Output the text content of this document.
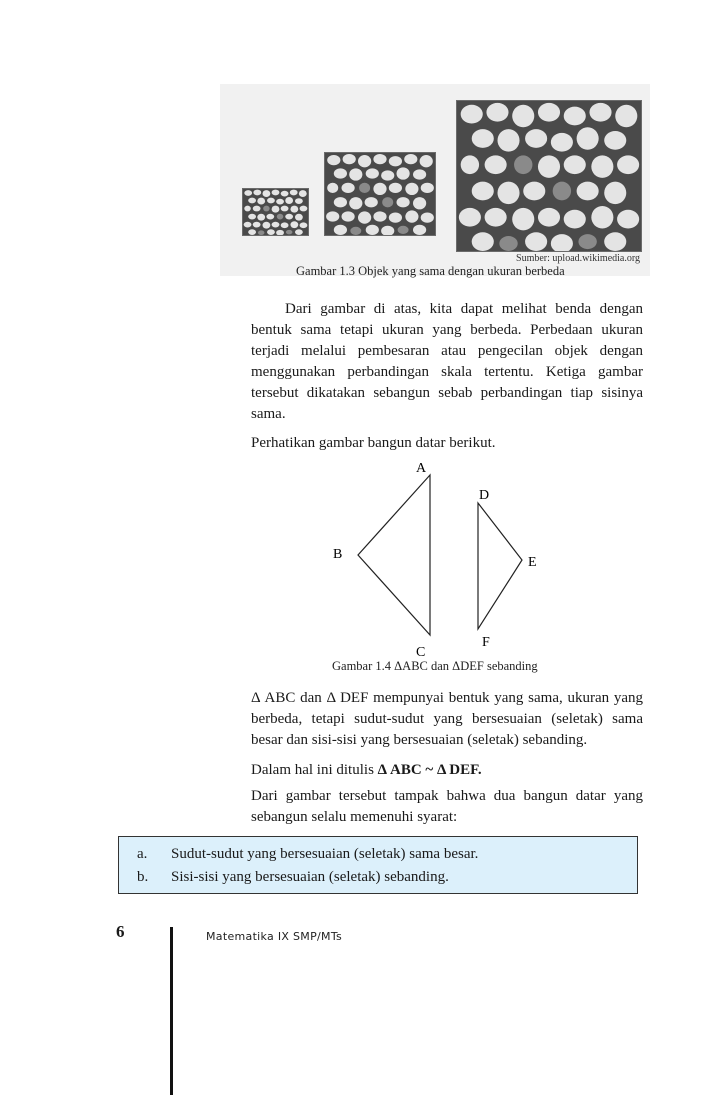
Sumber: upload.wikimedia.org
Gambar 1.3 Objek yang sama dengan ukuran berbeda
Dari gambar di atas, kita dapat melihat benda dengan bentuk sama tetapi ukuran yang berbeda. Perbedaan ukuran terjadi melalui pembesaran atau pengecilan objek dengan menggunakan perbandingan skala tertentu. Ketiga gambar tersebut dikatakan sebangun sebab perbandingan tiap sisinya sama.
Perhatikan gambar bangun datar berikut.
A
B
C
D
E
F
Gambar 1.4 ΔABC dan ΔDEF sebanding
Δ ABC dan Δ DEF mempunyai bentuk yang sama, ukuran yang berbeda, tetapi sudut-sudut yang bersesuaian (seletak) sama besar dan sisi-sisi yang bersesuaian (seletak) sebanding.
Dalam hal ini ditulis Δ ABC ~ Δ DEF.
Dari gambar tersebut tampak bahwa dua bangun datar yang sebangun selalu memenuhi syarat:
a. Sudut-sudut yang bersesuaian (seletak) sama besar.
b. Sisi-sisi yang bersesuaian (seletak) sebanding.
6	Matematika IX SMP/MTs
